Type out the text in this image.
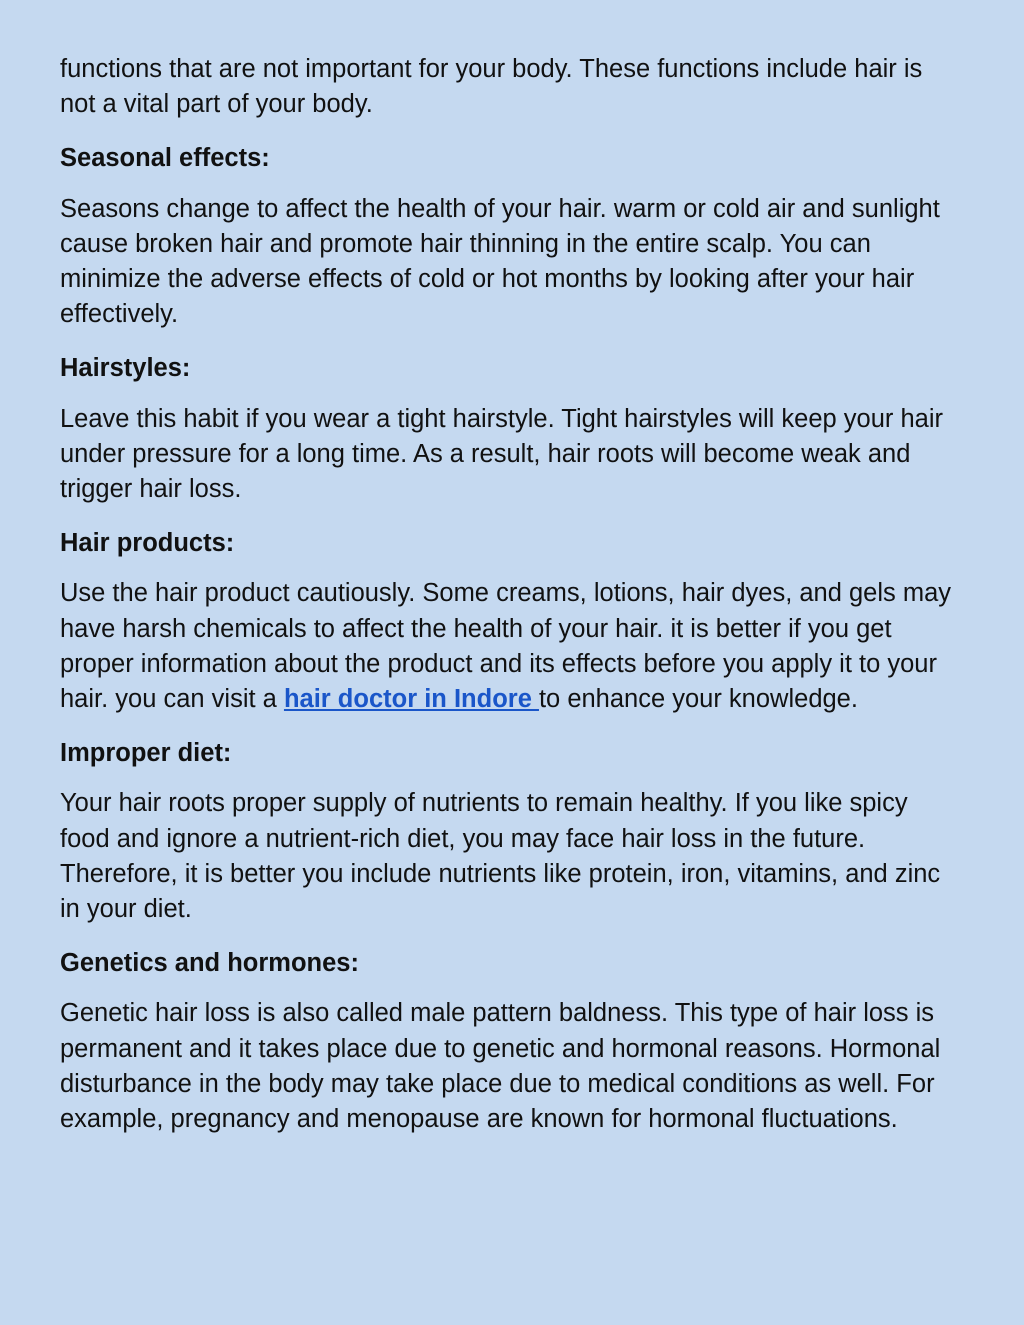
functions that are not important for your body. These functions include hair is not a vital part of your body.

Seasonal effects:

Seasons change to affect the health of your hair. warm or cold air and sunlight cause broken hair and promote hair thinning in the entire scalp. You can minimize the adverse effects of cold or hot months by looking after your hair effectively.

Hairstyles:

Leave this habit if you wear a tight hairstyle. Tight hairstyles will keep your hair under pressure for a long time. As a result, hair roots will become weak and trigger hair loss.

Hair products:

Use the hair product cautiously. Some creams, lotions, hair dyes, and gels may have harsh chemicals to affect the health of your hair. it is better if you get proper information about the product and its effects before you apply it to your hair. you can visit a hair doctor in Indore to enhance your knowledge.

Improper diet:

Your hair roots proper supply of nutrients to remain healthy. If you like spicy food and ignore a nutrient-rich diet, you may face hair loss in the future. Therefore, it is better you include nutrients like protein, iron, vitamins, and zinc in your diet.

Genetics and hormones:

Genetic hair loss is also called male pattern baldness. This type of hair loss is permanent and it takes place due to genetic and hormonal reasons. Hormonal disturbance in the body may take place due to medical conditions as well. For example, pregnancy and menopause are known for hormonal fluctuations.
